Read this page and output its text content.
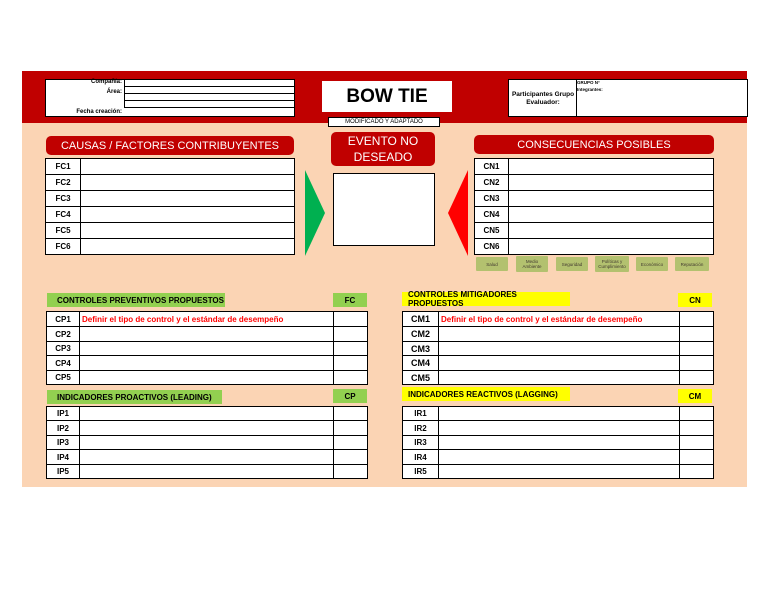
Compañía:
Área:
Fecha creación:
BOW TIE
MODIFICADO Y ADAPTADO
Participantes Grupo
Evaluador:
GRUPO N°
Integrantes:
CAUSAS / FACTORES CONTRIBUYENTES
FC1	
FC2	
FC3	
FC4	
FC5	
FC6	
EVENTO NO DESEADO
CONSECUENCIAS POSIBLES
CN1	
CN2	
CN3	
CN4	
CN5	
CN6	
Salud	Medio Ambiente	Seguridad	Políticas y Cumplimiento	Económico	Reputación
CONTROLES PREVENTIVOS PROPUESTOS	FC
CP1	Definir el tipo de control y el estándar de desempeño	
CP2		
CP3		
CP4		
CP5		
CONTROLES MITIGADORES PROPUESTOS	CN
CM1	Definir el tipo de control y el estándar de desempeño	
CM2		
CM3		
CM4		
CM5		
INDICADORES PROACTIVOS (LEADING)	CP
IP1		
IP2		
IP3		
IP4		
IP5		
INDICADORES REACTIVOS (LAGGING)	CM
IR1		
IR2		
IR3		
IR4		
IR5		
